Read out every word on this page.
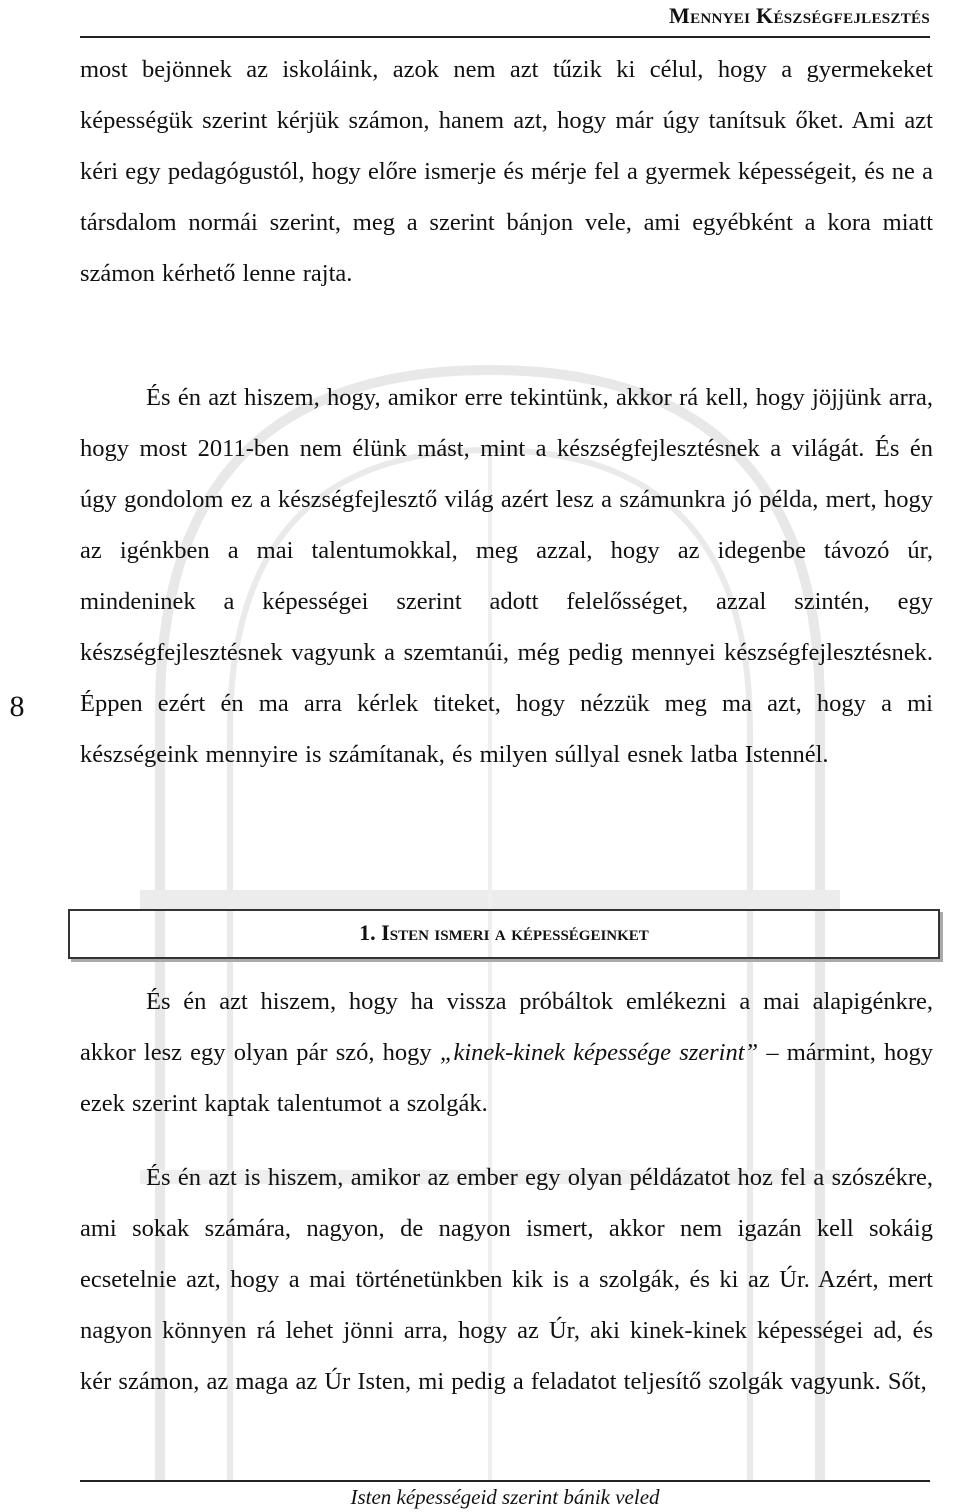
Mennyei Készségfejlesztés
8

most bejönnek az iskoláink, azok nem azt tűzik ki célul, hogy a gyermekeket képességük szerint kérjük számon, hanem azt, hogy már úgy tanítsuk őket. Ami azt kéri egy pedagógustól, hogy előre ismerje és mérje fel a gyermek képességeit, és ne a társdalom normái szerint, meg a szerint bánjon vele, ami egyébként a kora miatt számon kérhető lenne rajta.

És én azt hiszem, hogy, amikor erre tekintünk, akkor rá kell, hogy jöjjünk arra, hogy most 2011-ben nem élünk mást, mint a készségfejlesztésnek a világát. És én úgy gondolom ez a készségfejlesztő világ azért lesz a számunkra jó példa, mert, hogy az igénkben a mai talentumokkal, meg azzal, hogy az idegenbe távozó úr, mindeninek a képességei szerint adott felelősséget, azzal szintén, egy készségfejlesztésnek vagyunk a szemtanúi, még pedig mennyei készségfejlesztésnek. Éppen ezért én ma arra kérlek titeket, hogy nézzük meg ma azt, hogy a mi készségeink mennyire is számítanak, és milyen súllyal esnek latba Istennél.

1. Isten ismeri a képességeinket

És én azt hiszem, hogy ha vissza próbáltok emlékezni a mai alapigénkre, akkor lesz egy olyan pár szó, hogy „kinek-kinek képessége szerint” – mármint, hogy ezek szerint kaptak talentumot a szolgák.

És én azt is hiszem, amikor az ember egy olyan példázatot hoz fel a szószékre, ami sokak számára, nagyon, de nagyon ismert, akkor nem igazán kell sokáig ecsetelnie azt, hogy a mai történetünkben kik is a szolgák, és ki az Úr. Azért, mert nagyon könnyen rá lehet jönni arra, hogy az Úr, aki kinek-kinek képességei ad, és kér számon, az maga az Úr Isten, mi pedig a feladatot teljesítő szolgák vagyunk. Sőt,

Isten képességeid szerint bánik veled
